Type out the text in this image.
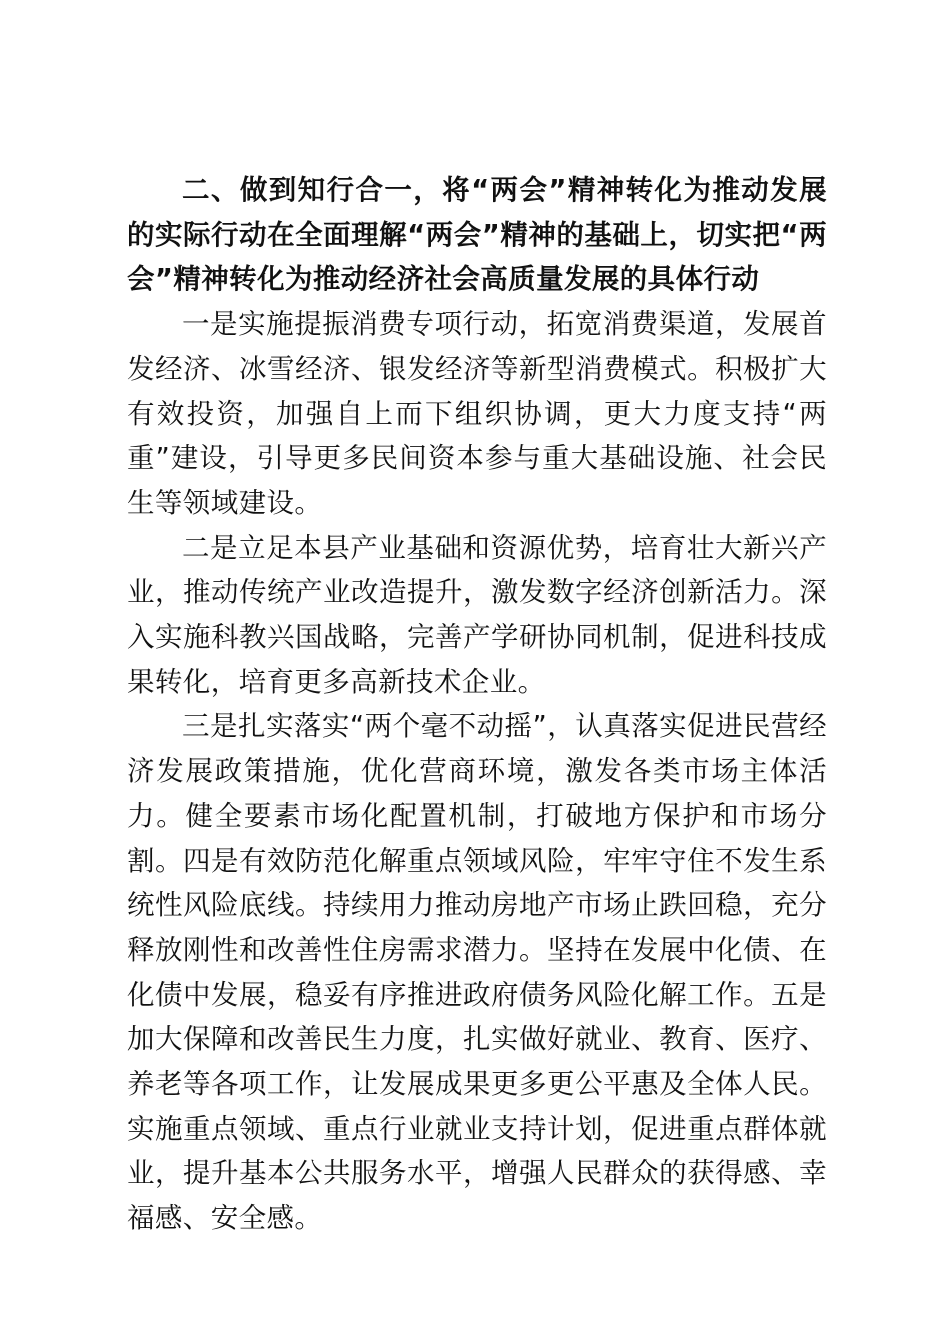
二、做到知行合一，将“两会”精神转化为推动发展的实际行动在全面理解“两会”精神的基础上，切实把“两会”精神转化为推动经济社会高质量发展的具体行动

一是实施提振消费专项行动，拓宽消费渠道，发展首发经济、冰雪经济、银发经济等新型消费模式。积极扩大有效投资，加强自上而下组织协调，更大力度支持“两重”建设，引导更多民间资本参与重大基础设施、社会民生等领域建设。

二是立足本县产业基础和资源优势，培育壮大新兴产业，推动传统产业改造提升，激发数字经济创新活力。深入实施科教兴国战略，完善产学研协同机制，促进科技成果转化，培育更多高新技术企业。

三是扎实落实“两个毫不动摇”，认真落实促进民营经济发展政策措施，优化营商环境，激发各类市场主体活力。健全要素市场化配置机制，打破地方保护和市场分割。四是有效防范化解重点领域风险，牢牢守住不发生系统性风险底线。持续用力推动房地产市场止跌回稳，充分释放刚性和改善性住房需求潜力。坚持在发展中化债、在化债中发展，稳妥有序推进政府债务风险化解工作。五是加大保障和改善民生力度，扎实做好就业、教育、医疗、养老等各项工作，让发展成果更多更公平惠及全体人民。实施重点领域、重点行业就业支持计划，促进重点群体就业，提升基本公共服务水平，增强人民群众的获得感、幸福感、安全感。
